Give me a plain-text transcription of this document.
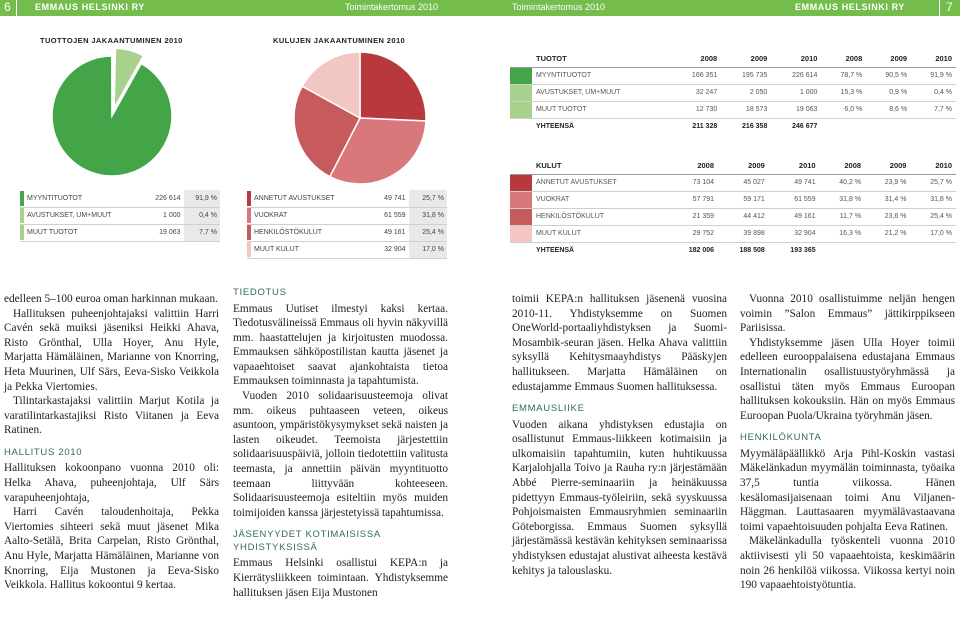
6	EMMAUS HELSINKI RY	Toimintakertomus 2010	Toimintakertomus 2010	EMMAUS HELSINKI RY	7
TUOTTOJEN JAKAANTUMINEN 2010	KULUJEN JAKAANTUMINEN 2010
	MYYNTITUOTOT	226 614	91,9 %

	AVUSTUKSET, UM+MUUT	1 000	0,4 %

	MUUT TUOTOT	19 063	7,7 %
	ANNETUT AVUSTUKSET	49 741	25,7 %

	VUOKRAT	61 559	31,8 %

	HENKILÖSTÖKULUT	49 161	25,4 %

	MUUT KULUT	32 904	17,0 %
	TUOTOT	2008	2009	2010	2008	2009	2010

	MYYNTITUOTOT	166 351	195 735	226 614	78,7 %	90,5 %	91,9 %

	AVUSTUKSET, UM+MUUT	32 247	2 050	1 000	15,3 %	0,9 %	0,4 %

	MUUT TUOTOT	12 730	18 573	19 063	6,0 %	8,6 %	7,7 %
	YHTEENSÄ	211 328	216 358	246 677			
	KULUT	2008	2009	2010	2008	2009	2010

	ANNETUT AVUSTUKSET	73 104	45 027	49 741	40,2 %	23,9 %	25,7 %

	VUOKRAT	57 791	59 171	61 559	31,8 %	31,4 %	31,8 %

	HENKILÖSTÖKULUT	21 359	44 412	49 161	11,7 %	23,6 %	25,4 %

	MUUT KULUT	29 752	39 898	32 904	16,3 %	21,2 %	17,0 %
	YHTEENSÄ	182 006	188 508	193 365			

edelleen 5–100 euroa oman harkinnan mukaan.

Hallituksen puheenjohtajaksi valittiin Harri Cavén sekä muiksi jäseniksi Heikki Ahava, Risto Grönthal, Ulla Hoyer, Anu Hyle, Marjatta Hämäläinen, Marianne von Knorring, Heta Muurinen, Ulf Särs, Eeva-Sisko Veikkola ja Pekka Viertomies.

Tilintarkastajaksi valittiin Marjut Kotila ja varatilintarkastajiksi Risto Viitanen ja Eeva Ratinen.

HALLITUS 2010

Hallituksen kokoonpano vuonna 2010 oli: Helka Ahava, puheenjohtaja, Ulf Särs varapuheenjohtaja,

Harri Cavén taloudenhoitaja, Pekka Viertomies sihteeri sekä muut jäsenet Mika Aalto-Setälä, Brita Carpelan, Risto Grönthal, Anu Hyle, Marjatta Hämäläinen, Marianne von Knorring, Eija Mustonen ja Eeva-Sisko Veikkola. Hallitus kokoontui 9 kertaa.

TIEDOTUS

Emmaus Uutiset ilmestyi kaksi kertaa. Tiedotusvälineissä Emmaus oli hyvin näkyvillä mm. haastattelujen ja kirjoitusten muodossa. Emmauksen sähköpostilistan kautta jäsenet ja vapaaehtoiset saavat ajankohtaista tietoa Emmauksen toiminnasta ja tapahtumista.

Vuoden 2010 solidaarisuusteemoja olivat mm. oikeus puhtaaseen veteen, oikeus asuntoon, ympäristökysymykset sekä naisten ja lasten oikeudet. Teemoista järjestettiin solidaarisuuspäiviä, jolloin tiedotettiin valitusta teemasta, ja annettiin päivän myyntituotto teemaan liittyvään kohteeseen. Solidaarisuusteemoja esiteltiin myös muiden toimijoiden kanssa järjestetyissä tapahtumissa.

JÄSENYYDET KOTIMAISISSA YHDISTYKSISSÄ

Emmaus Helsinki osallistui KEPA:n ja Kierrätysliikkeen toimintaan. Yhdistyksemme hallituksen jäsen Eija Mustonen

toimii KEPA:n hallituksen jäsenenä vuosina 2010-11. Yhdistyksemme on Suomen OneWorld-portaaliyhdistyksen ja Suomi-Mosambik-seuran jäsen. Helka Ahava valittiin syksyllä Kehitysmaayhdistys Pääskyjen hallitukseen. Marjatta Hämäläinen on edustajamme Emmaus Suomen hallituksessa.

EMMAUSLIIKE

Vuoden aikana yhdistyksen edustajia on osallistunut Emmaus-liikkeen kotimaisiin ja ulkomaisiin tapahtumiin, kuten huhtikuussa Karjalohjalla Toivo ja Rauha ry:n järjestämään Abbé Pierre-seminaariin ja heinäkuussa pidettyyn Emmaus-työleiriin, sekä syyskuussa Pohjoismaisten Emmausryhmien seminaariin Göteborgissa. Emmaus Suomen syksyllä järjestämässä kestävän kehityksen seminaarissa yhdistyksen edustajat alustivat aiheesta kestävä kehitys ja talouslasku.

Vuonna 2010 osallistuimme neljän hengen voimin ”Salon Emmaus” jättikirppikseen Pariisissa.

Yhdistyksemme jäsen Ulla Hoyer toimii edelleen eurooppalaisena edustajana Emmaus Internationalin osallistuustyöryhmässä ja osallistui täten myös Emmaus Euroopan hallituksen kokouksiin. Hän on myös Emmaus Euroopan Puola/Ukraina työryhmän jäsen.

HENKILÖKUNTA

Myymäläpäällikkö Arja Pihl-Koskin vastasi Mäkelänkadun myymälän toiminnasta, työaika 37,5 tuntia viikossa. Hänen kesälomasijaisenaan toimi Anu Viljanen-Häggman. Lauttasaaren myymälävastaavana toimi vapaehtoisuuden pohjalta Eeva Ratinen.

Mäkelänkadulla työskenteli vuonna 2010 aktiivisesti yli 50 vapaaehtoista, keskimäärin noin 26 henkilöä viikossa. Viikossa kertyi noin 190 vapaaehtoistyötuntia.
